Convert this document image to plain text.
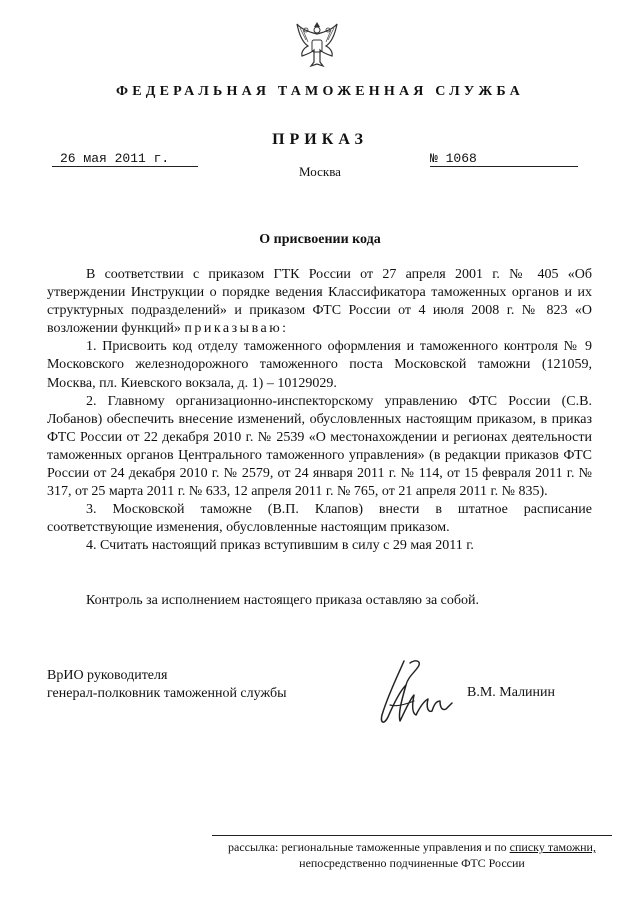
ФЕДЕРАЛЬНАЯ ТАМОЖЕННАЯ СЛУЖБА
ПРИКАЗ
26 мая 2011 г.	№ 1068
Москва
О присвоении кода

В соответствии с приказом ГТК России от 27 апреля 2001 г. № 405 «Об утверждении Инструкции о порядке ведения Классификатора таможенных органов и их структурных подразделений» и приказом ФТС России от 4 июля 2008 г. № 823 «О возложении функций» приказываю:

1. Присвоить код отделу таможенного оформления и таможенного контроля № 9 Московского железнодорожного таможенного поста Московской таможни (121059, Москва, пл. Киевского вокзала, д. 1) – 10129029.

2. Главному организационно-инспекторскому управлению ФТС России (С.В. Лобанов) обеспечить внесение изменений, обусловленных настоящим приказом, в приказ ФТС России от 22 декабря 2010 г. № 2539 «О местонахождении и регионах деятельности таможенных органов Центрального таможенного управления» (в редакции приказов ФТС России от 24 декабря 2010 г. № 2579, от 24 января 2011 г. № 114, от 15 февраля 2011 г. № 317, от 25 марта 2011 г. № 633, 12 апреля 2011 г. № 765, от 21 апреля 2011 г. № 835).

3. Московской таможне (В.П. Клапов) внести в штатное расписание соответствующие изменения, обусловленные настоящим приказом.

4. Считать настоящий приказ вступившим в силу с 29 мая 2011 г.

Контроль за исполнением настоящего приказа оставляю за собой.
ВрИО руководителя
генерал-полковник таможенной службы	В.М. Малинин
рассылка: региональные таможенные управления и по списку таможни,
непосредственно подчиненные ФТС России
